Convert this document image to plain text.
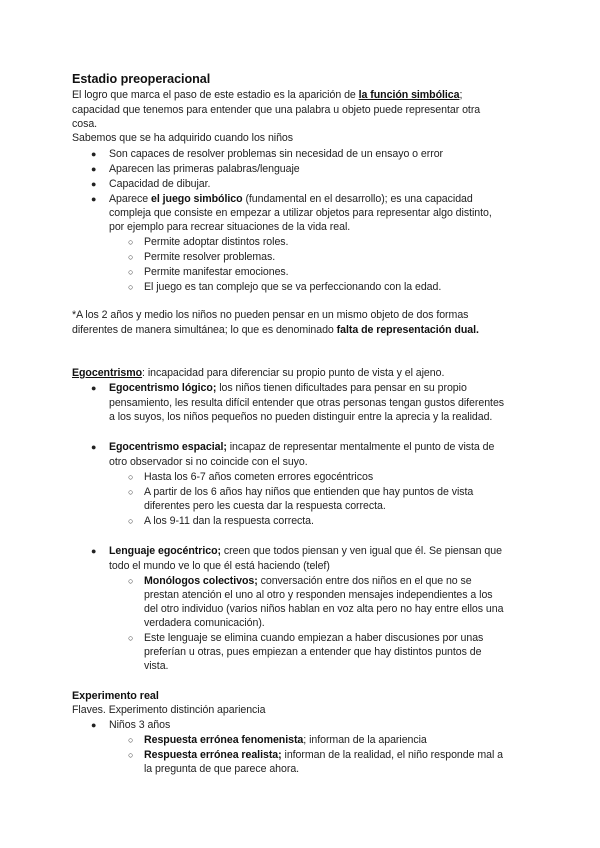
Estadio preoperacional
El logro que marca el paso de este estadio es la aparición de la función simbólica;
capacidad que tenemos para entender que una palabra u objeto puede representar otra
cosa.
Sabemos que se ha adquirido cuando los niños
● Son capaces de resolver problemas sin necesidad de un ensayo o error
● Aparecen las primeras palabras/lenguaje
● Capacidad de dibujar.
● Aparece el juego simbólico (fundamental en el desarrollo); es una capacidad
compleja que consiste en empezar a utilizar objetos para representar algo distinto,
por ejemplo para recrear situaciones de la vida real.
○ Permite adoptar distintos roles.
○ Permite resolver problemas.
○ Permite manifestar emociones.
○ El juego es tan complejo que se va perfeccionando con la edad.
*A los 2 años y medio los niños no pueden pensar en un mismo objeto de dos formas
diferentes de manera simultánea; lo que es denominado falta de representación dual.
Egocentrismo: incapacidad para diferenciar su propio punto de vista y el ajeno.
● Egocentrismo lógico; los niños tienen dificultades para pensar en su propio
pensamiento, les resulta difícil entender que otras personas tengan gustos diferentes
a los suyos, los niños pequeños no pueden distinguir entre la aprecia y la realidad.
● Egocentrismo espacial; incapaz de representar mentalmente el punto de vista de
otro observador si no coincide con el suyo.
○ Hasta los 6-7 años cometen errores egocéntricos
○ A partir de los 6 años hay niños que entienden que hay puntos de vista
diferentes pero les cuesta dar la respuesta correcta.
○ A los 9-11 dan la respuesta correcta.
● Lenguaje egocéntrico; creen que todos piensan y ven igual que él. Se piensan que
todo el mundo ve lo que él está haciendo (telef)
○ Monólogos colectivos; conversación entre dos niños en el que no se
prestan atención el uno al otro y responden mensajes independientes a los
del otro individuo (varios niños hablan en voz alta pero no hay entre ellos una
verdadera comunicación).
○ Este lenguaje se elimina cuando empiezan a haber discusiones por unas
preferían u otras, pues empiezan a entender que hay distintos puntos de
vista.
Experimento real
Flaves. Experimento distinción apariencia
● Niños 3 años
○ Respuesta errónea fenomenista; informan de la apariencia
○ Respuesta errónea realista; informan de la realidad, el niño responde mal a
la pregunta de que parece ahora.
